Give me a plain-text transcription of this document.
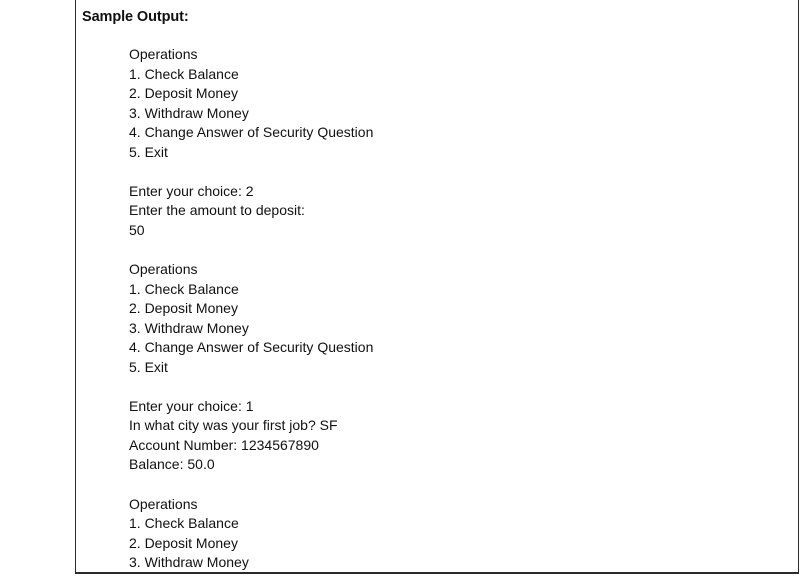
Sample Output:
Operations
1. Check Balance
2. Deposit Money
3. Withdraw Money
4. Change Answer of Security Question
5. Exit
Enter your choice: 2
Enter the amount to deposit:
50
Operations
1. Check Balance
2. Deposit Money
3. Withdraw Money
4. Change Answer of Security Question
5. Exit
Enter your choice: 1
In what city was your first job? SF
Account Number: 1234567890
Balance: 50.0
Operations
1. Check Balance
2. Deposit Money
3. Withdraw Money
